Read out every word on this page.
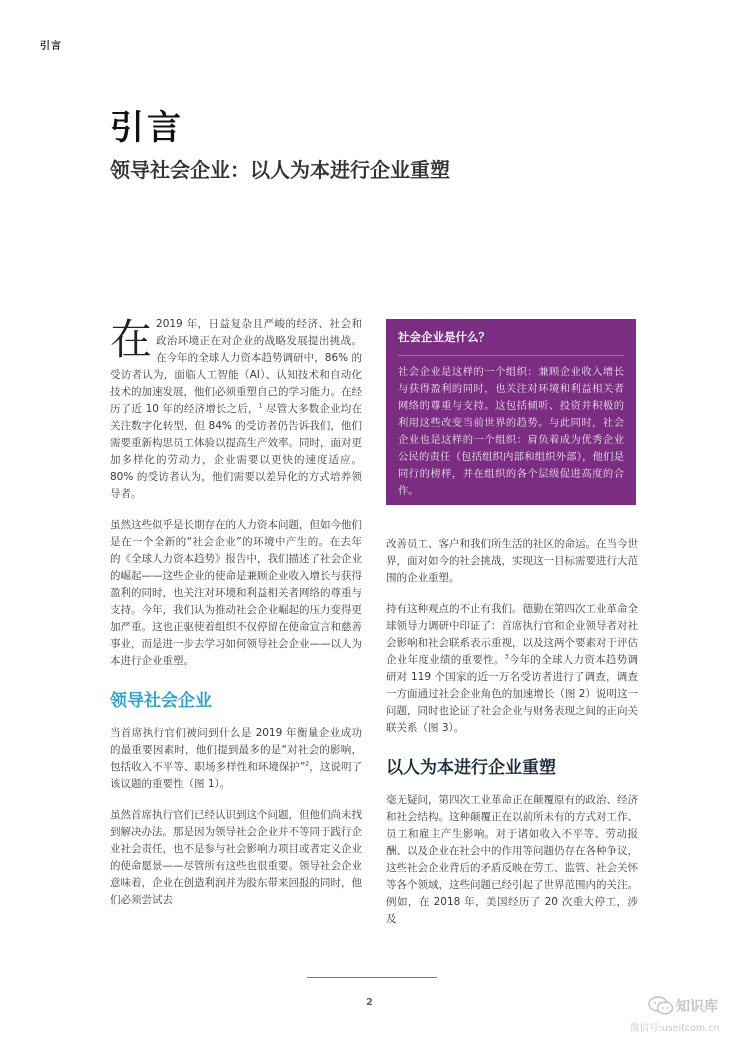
引言
引言
领导社会企业：以人为本进行企业重塑

在 2019 年，日益复杂且严峻的经济、社会和政治环境正在对企业的战略发展提出挑战。在今年的全球人力资本趋势调研中，86% 的受访者认为，面临人工智能（AI）、认知技术和自动化技术的加速发展，他们必须重塑自己的学习能力。在经历了近 10 年的经济增长之后，$^1$ 尽管大多数企业均在关注数字化转型，但 84% 的受访者仍告诉我们，他们需要重新构思员工体验以提高生产效率。同时，面对更加多样化的劳动力，企业需要以更快的速度适应。80% 的受访者认为，他们需要以差异化的方式培养领导者。

虽然这些似乎是长期存在的人力资本问题，但如今他们是在一个全新的“社会企业”的环境中产生的。在去年的《全球人力资本趋势》报告中，我们描述了社会企业的崛起——这些企业的使命是兼顾企业收入增长与获得盈利的同时，也关注对环境和利益相关者网络的尊重与支持。今年，我们认为推动社会企业崛起的压力变得更加严重。这也正驱使着组织不仅停留在使命宣言和慈善事业，而是进一步去学习如何领导社会企业——以人为本进行企业重塑。

领导社会企业

当首席执行官们被问到什么是 2019 年衡量企业成功的最重要因素时，他们提到最多的是“对社会的影响，包括收入不平等、职场多样性和环境保护”$^2$，这说明了该议题的重要性（图 1）。

虽然首席执行官们已经认识到这个问题，但他们尚未找到解决办法。那是因为领导社会企业并不等同于践行企业社会责任，也不是参与社会影响力项目或者定义企业的使命愿景——尽管所有这些也很重要。领导社会企业意味着，企业在创造利润并为股东带来回报的同时，他们必须尝试去

社会企业是什么？

社会企业是这样的一个组织：兼顾企业收入增长与获得盈利的同时，也关注对环境和利益相关者网络的尊重与支持。这包括倾听、投资并积极的利用这些改变当前世界的趋势。与此同时，社会企业也是这样的一个组织：肩负着成为优秀企业公民的责任（包括组织内部和组织外部），他们是同行的榜样，并在组织的各个层级促进高度的合作。

改善员工、客户和我们所生活的社区的命运。在当今世界，面对如今的社会挑战，实现这一目标需要进行大范围的企业重塑。

持有这种观点的不止有我们。德勤在第四次工业革命全球领导力调研中印证了：首席执行官和企业领导者对社会影响和社会联系表示重视，以及这两个要素对于评估企业年度业绩的重要性。$^3$今年的全球人力资本趋势调研对 119 个国家的近一万名受访者进行了调查，调查一方面通过社会企业角色的加速增长（图 2）说明这一问题，同时也论证了社会企业与财务表现之间的正向关联关系（图 3）。

以人为本进行企业重塑

毫无疑问，第四次工业革命正在颠覆原有的政治、经济和社会结构。这种颠覆正在以前所未有的方式对工作、员工和雇主产生影响。对于诸如收入不平等、劳动报酬、以及企业在社会中的作用等问题仍存在各种争议，这些社会企业背后的矛盾反映在劳工、监管、社会关怀等各个领域，这些问题已经引起了世界范围内的关注。例如，在 2018 年，美国经历了 20 次重大停工，涉及

2	知识库
微信号:useitcom.cn
